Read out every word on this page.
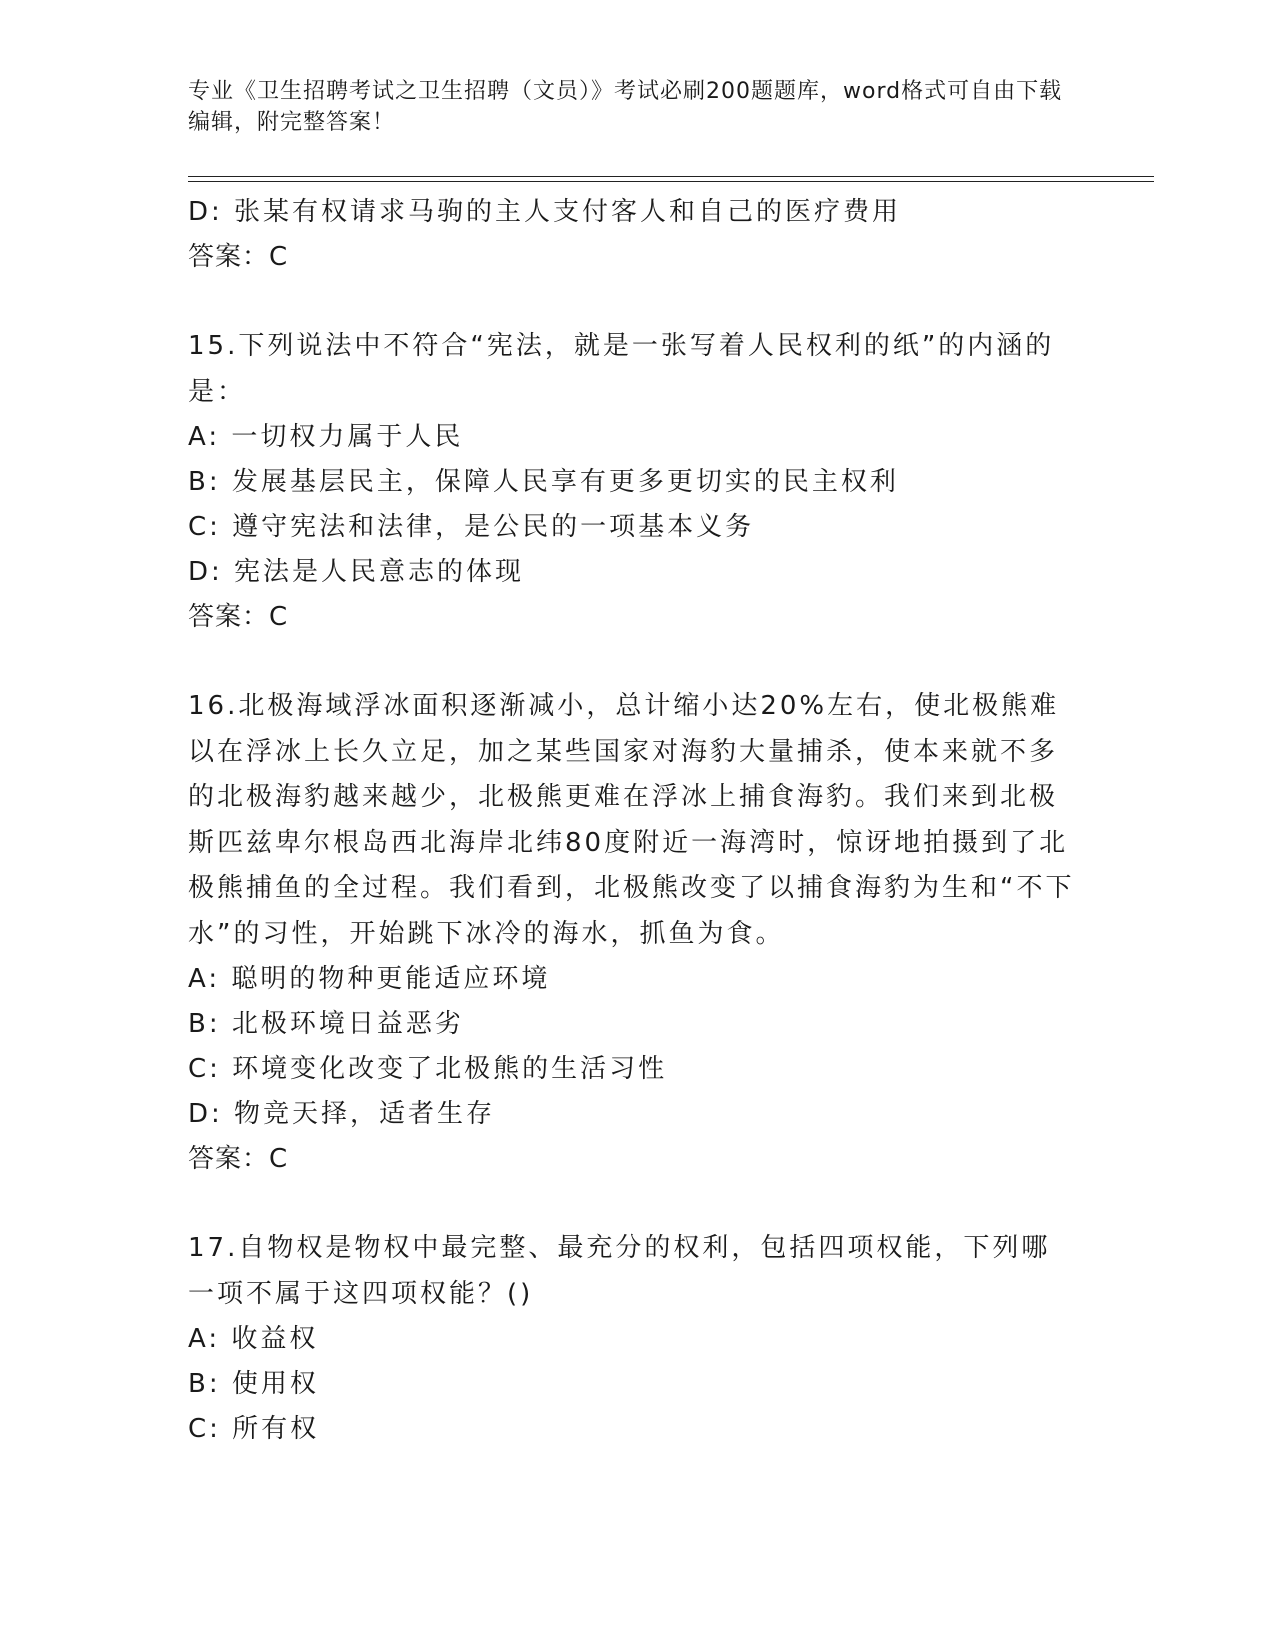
专业《卫生招聘考试之卫生招聘（文员）》考试必刷200题题库，word格式可自由下载编辑，附完整答案！
D: 张某有权请求马驹的主人支付客人和自己的医疗费用
答案：C
15.下列说法中不符合“宪法，就是一张写着人民权利的纸”的内涵的是：
A: 一切权力属于人民
B: 发展基层民主，保障人民享有更多更切实的民主权利
C: 遵守宪法和法律，是公民的一项基本义务
D: 宪法是人民意志的体现
答案：C
16.北极海域浮冰面积逐渐减小，总计缩小达20%左右，使北极熊难以在浮冰上长久立足，加之某些国家对海豹大量捕杀，使本来就不多的北极海豹越来越少，北极熊更难在浮冰上捕食海豹。我们来到北极斯匹兹卑尔根岛西北海岸北纬80度附近一海湾时，惊讶地拍摄到了北极熊捕鱼的全过程。我们看到，北极熊改变了以捕食海豹为生和“不下水”的习性，开始跳下冰冷的海水，抓鱼为食。
A: 聪明的物种更能适应环境
B: 北极环境日益恶劣
C: 环境变化改变了北极熊的生活习性
D: 物竞天择，适者生存
答案：C
17.自物权是物权中最完整、最充分的权利，包括四项权能，下列哪一项不属于这四项权能？()
A: 收益权
B: 使用权
C: 所有权
